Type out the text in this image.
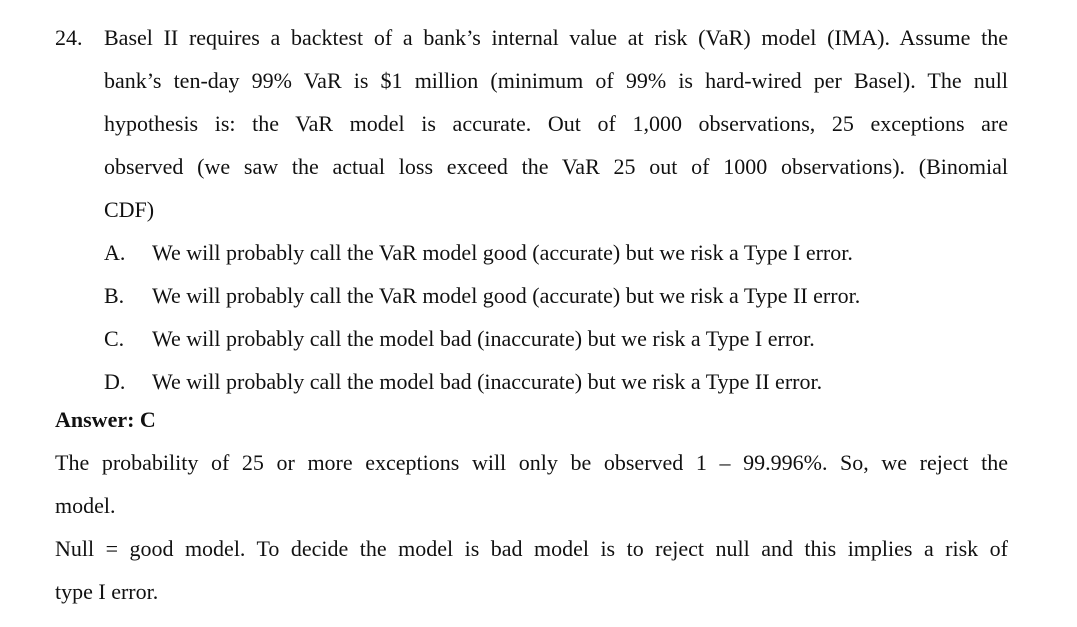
24. Basel II requires a backtest of a bank’s internal value at risk (VaR) model (IMA). Assume the
bank’s ten-day 99% VaR is $1 million (minimum of 99% is hard-wired per Basel). The null
hypothesis is: the VaR model is accurate. Out of 1,000 observations, 25 exceptions are
observed (we saw the actual loss exceed the VaR 25 out of 1000 observations). (Binomial
CDF)
A. We will probably call the VaR model good (accurate) but we risk a Type I error.
B. We will probably call the VaR model good (accurate) but we risk a Type II error.
C. We will probably call the model bad (inaccurate) but we risk a Type I error.
D. We will probably call the model bad (inaccurate) but we risk a Type II error.
Answer: C
The probability of 25 or more exceptions will only be observed 1 – 99.996%. So, we reject the
model.
Null = good model. To decide the model is bad model is to reject null and this implies a risk of
type I error.
